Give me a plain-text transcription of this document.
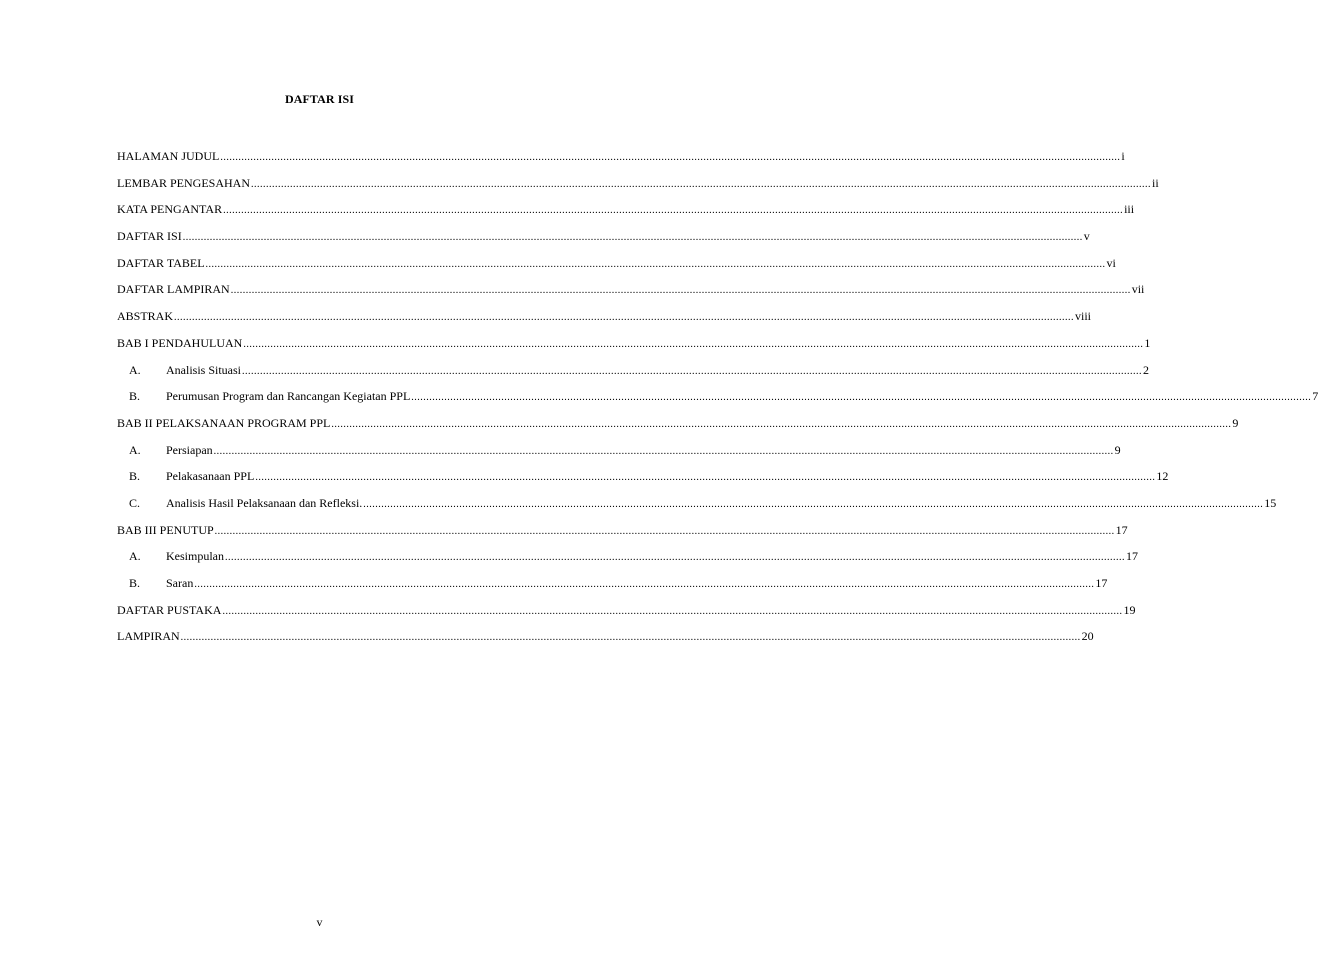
DAFTAR ISI
HALAMAN JUDUL ............................................................................................................................................................................................................................................................................................................ i
LEMBAR PENGESAHAN ............................................................................................................................................................................................................................................................................................................ ii
KATA PENGANTAR ............................................................................................................................................................................................................................................................................................................ iii
DAFTAR ISI ............................................................................................................................................................................................................................................................................................................ v
DAFTAR TABEL ............................................................................................................................................................................................................................................................................................................ vi
DAFTAR LAMPIRAN ............................................................................................................................................................................................................................................................................................................ vii
ABSTRAK ............................................................................................................................................................................................................................................................................................................ viii
BAB I PENDAHULUAN ............................................................................................................................................................................................................................................................................................................ 1
A.	Analisis Situasi ............................................................................................................................................................................................................................................................................................................ 2
B.	Perumusan Program dan Rancangan Kegiatan PPL ............................................................................................................................................................................................................................................................................................................ 7
BAB II PELAKSANAAN PROGRAM PPL ............................................................................................................................................................................................................................................................................................................ 9
A.	Persiapan ............................................................................................................................................................................................................................................................................................................ 9
B.	Pelakasanaan PPL ............................................................................................................................................................................................................................................................................................................ 12
C.	Analisis Hasil Pelaksanaan dan Refleksi. ............................................................................................................................................................................................................................................................................................................ 15
BAB III PENUTUP ............................................................................................................................................................................................................................................................................................................ 17
A.	Kesimpulan ............................................................................................................................................................................................................................................................................................................ 17
B.	Saran ............................................................................................................................................................................................................................................................................................................ 17
DAFTAR PUSTAKA ............................................................................................................................................................................................................................................................................................................ 19
LAMPIRAN ............................................................................................................................................................................................................................................................................................................ 20
v
